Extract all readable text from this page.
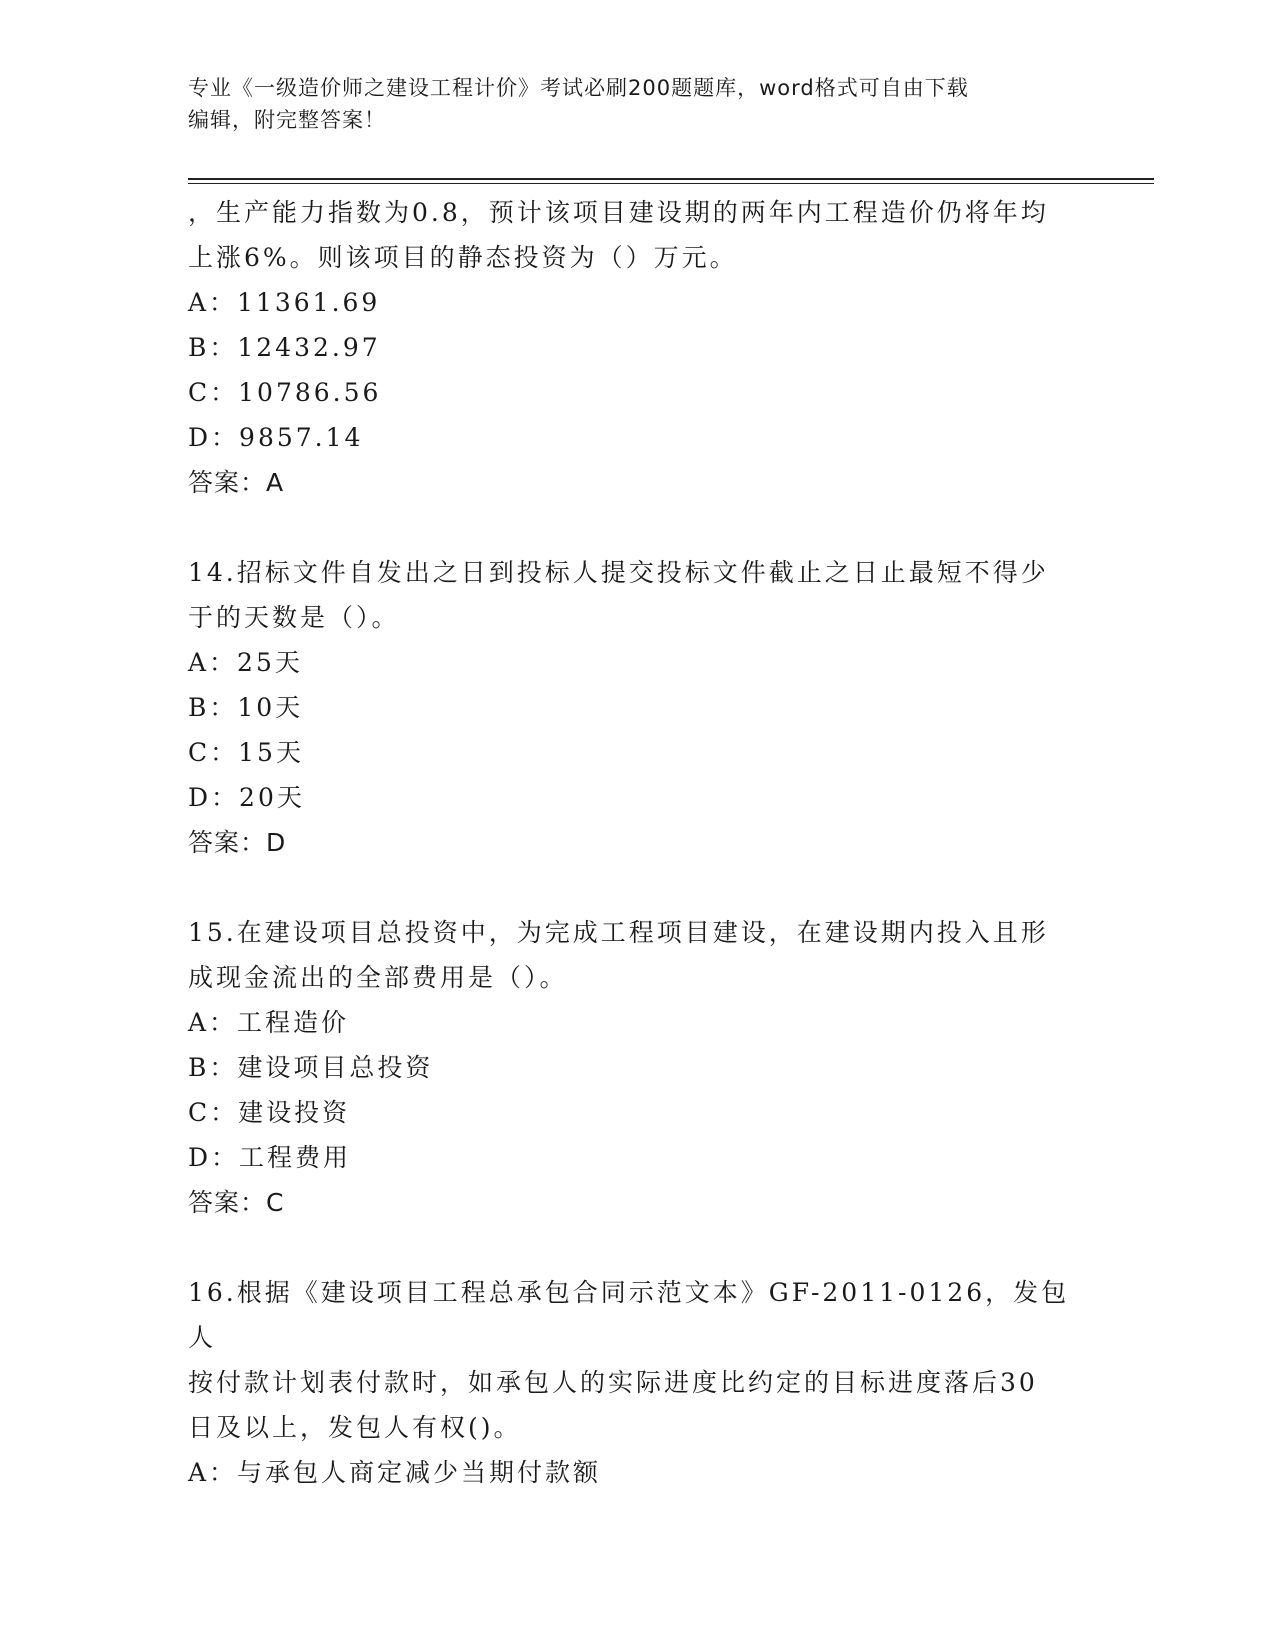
专业《一级造价师之建设工程计价》考试必刷200题题库，word格式可自由下载
编辑，附完整答案！

，生产能力指数为0.8，预计该项目建设期的两年内工程造价仍将年均

上涨6%。则该项目的静态投资为（）万元。

A：11361.69

B：12432.97

C：10786.56

D：9857.14

答案：A

14.招标文件自发出之日到投标人提交投标文件截止之日止最短不得少

于的天数是（）。

A：25天

B：10天

C：15天

D：20天

答案：D

15.在建设项目总投资中，为完成工程项目建设，在建设期内投入且形

成现金流出的全部费用是（）。

A：工程造价

B：建设项目总投资

C：建设投资

D：工程费用

答案：C

16.根据《建设项目工程总承包合同示范文本》GF-2011-0126，发包人

按付款计划表付款时，如承包人的实际进度比约定的目标进度落后30

日及以上，发包人有权()。

A：与承包人商定减少当期付款额
